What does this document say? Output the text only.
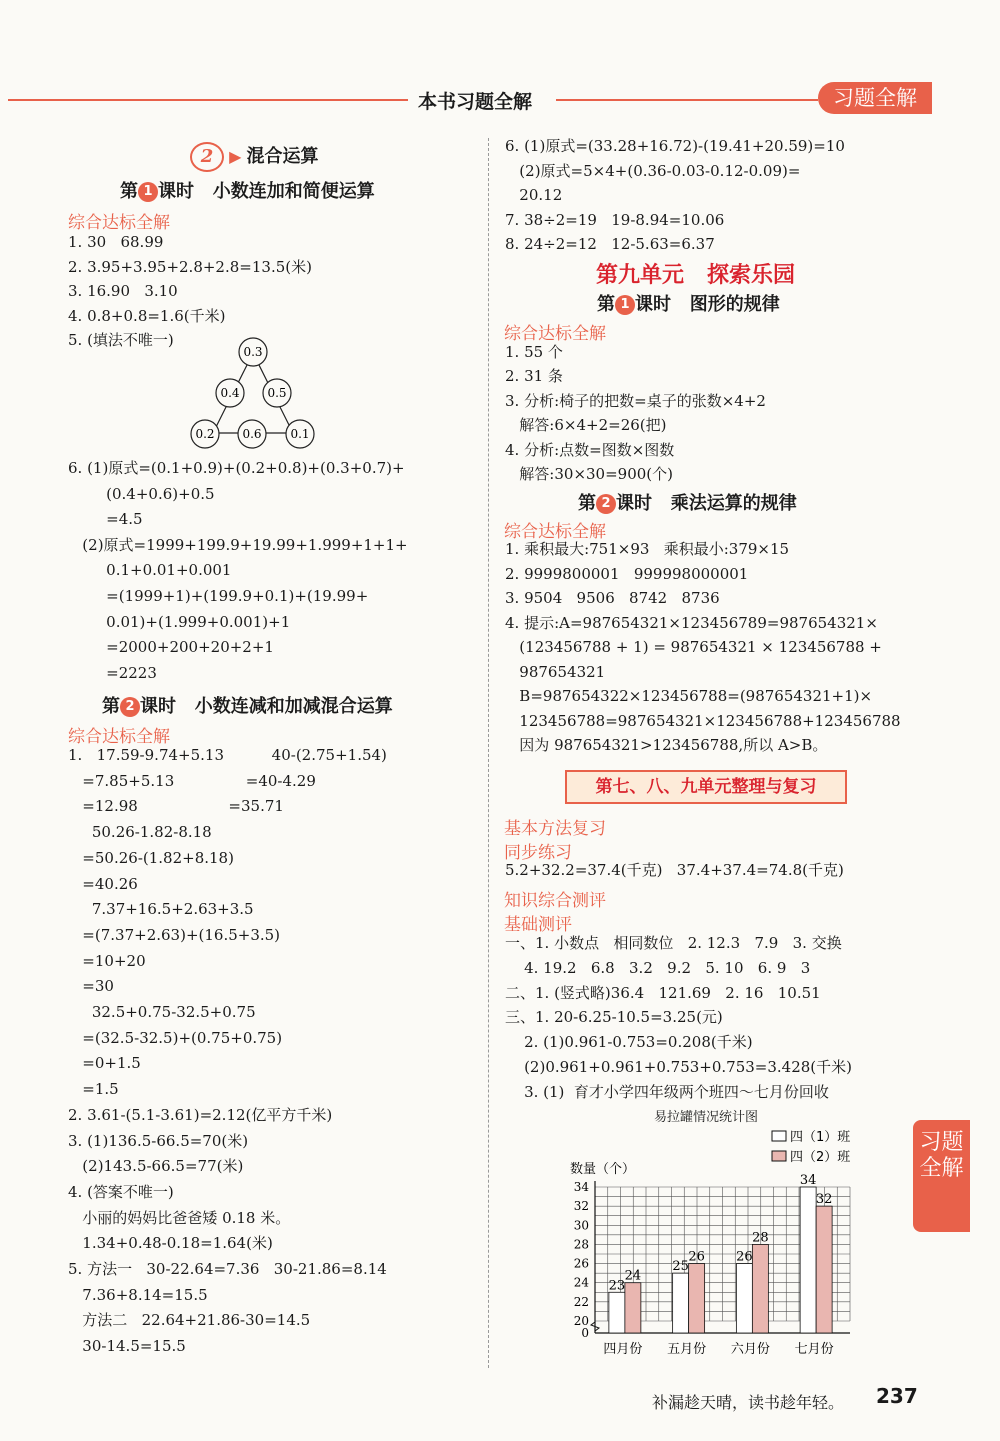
本书习题全解	习题全解
2 ▶ 混合运算
第 1 课时   小数连加和简便运算
综合达标全解
1. 30   68.99
2. 3.95+3.95+2.8+2.8=13.5(米)
3. 16.90   3.10
4. 0.8+0.8=1.6(千米)
5. (填法不唯一)
0.3
0.4 0.5
0.2 0.6 0.1
6. (1)原式=(0.1+0.9)+(0.2+0.8)+(0.3+0.7)+
(0.4+0.6)+0.5
=4.5
(2)原式=1999+199.9+19.99+1.999+1+1+
0.1+0.01+0.001
=(1999+1)+(199.9+0.1)+(19.99+
0.01)+(1.999+0.001)+1
=2000+200+20+2+1
=2223
第 2 课时   小数连减和加减混合运算
综合达标全解
1.   17.59-9.74+5.13          40-(2.75+1.54)
=7.85+5.13               =40-4.29
=12.98                   =35.71
50.26-1.82-8.18
=50.26-(1.82+8.18)
=40.26
7.37+16.5+2.63+3.5
=(7.37+2.63)+(16.5+3.5)
=10+20
=30
32.5+0.75-32.5+0.75
=(32.5-32.5)+(0.75+0.75)
=0+1.5
=1.5
2. 3.61-(5.1-3.61)=2.12(亿平方千米)
3. (1)136.5-66.5=70(米)
(2)143.5-66.5=77(米)
4. (答案不唯一)
小丽的妈妈比爸爸矮 0.18 米。
1.34+0.48-0.18=1.64(米)
5. 方法一   30-22.64=7.36   30-21.86=8.14
7.36+8.14=15.5
方法二   22.64+21.86-30=14.5
30-14.5=15.5
6. (1)原式=(33.28+16.72)-(19.41+20.59)=10
(2)原式=5×4+(0.36-0.03-0.12-0.09)=
20.12
7. 38÷2=19   19-8.94=10.06
8. 24÷2=12   12-5.63=6.37
第九单元   探索乐园
第 1 课时   图形的规律
综合达标全解
1. 55 个
2. 31 条
3. 分析:椅子的把数=桌子的张数×4+2
解答:6×4+2=26(把)
4. 分析:点数=图数×图数
解答:30×30=900(个)
第 2 课时   乘法运算的规律
综合达标全解
1. 乘积最大:751×93   乘积最小:379×15
2. 9999800001   999998000001
3. 9504   9506   8742   8736
4. 提示:A=987654321×123456789=987654321×
(123456788 + 1) = 987654321 × 123456788 +
987654321
B=987654322×123456788=(987654321+1)×
123456788=987654321×123456788+123456788
因为 987654321>123456788,所以 A>B。
第七、八、九单元整理与复习
基本方法复习
同步练习
5.2+32.2=37.4(千克)   37.4+37.4=74.8(千克)
知识综合测评
基础测评
一、1. 小数点   相同数位   2. 12.3   7.9   3. 交换
4. 19.2   6.8   3.2   9.2   5. 10   6. 9   3
二、1. (竖式略)36.4   121.69   2. 16   10.51
三、1. 20-6.25-10.5=3.25(元)
2. (1)0.961-0.753=0.208(千米)
(2)0.961+0.961+0.753+0.753=3.428(千米)
3. (1)  育才小学四年级两个班四～七月份回收
易拉罐情况统计图
0
20
22
24
26
28
30
32
34
数量（个）
四（1）班
四（2）班
23
24
四月份
25
26
五月份
26
28
六月份
34
32
七月份
习题全解
补漏趁天晴，读书趁年轻。 237
